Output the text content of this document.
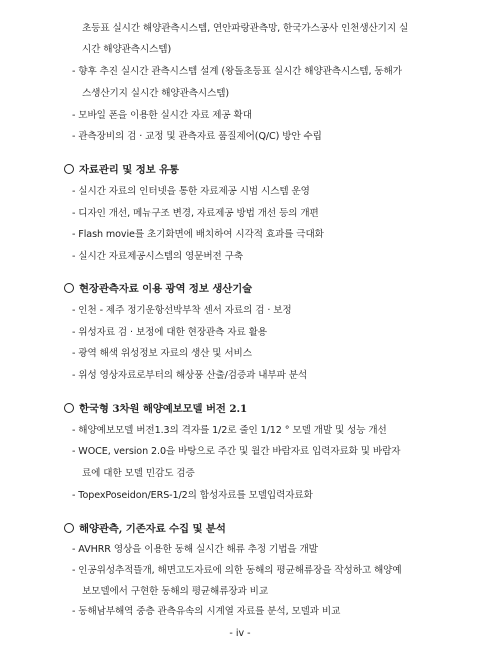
초등표 실시간 해양관측시스템, 연안파랑관측망, 한국가스공사 인천생산기지 실
시간 해양관측시스템)
- 향후 추진 실시간 관측시스템 설계 (왕돌초등표 실시간 해양관측시스템, 동해가
스생산기지 실시간 해양관측시스템)
- 모바일 폰을 이용한 실시간 자료 제공 확대
- 관측장비의 검 · 교정 및 관측자료 품질제어(Q/C) 방안 수립
자료관리 및 정보 유통
- 실시간 자료의 인터넷을 통한 자료제공 시범 시스템 운영
- 디자인 개선, 메뉴구조 변경, 자료제공 방법 개선 등의 개편
- Flash movie를 초기화면에 배치하여 시각적 효과를 극대화
- 실시간 자료제공시스템의 영문버전 구축
현장관측자료 이용 광역 정보 생산기술
- 인천 - 제주 정기운항선박부착 센서 자료의 검 · 보정
- 위성자료 검 · 보정에 대한 현장관측 자료 활용
- 광역 해색 위성정보 자료의 생산 및 서비스
- 위성 영상자료로부터의 해상풍 산출/검증과 내부파 분석
한국형 3차원 해양예보모델 버전 2.1
- 해양예보모델 버전1.3의 격자를 1/2로 줄인 1/12 ° 모델 개발 및 성능 개선
- WOCE, version 2.0을 바탕으로 주간 및 월간 바람자료 입력자료화 및 바람자
료에 대한 모델 민감도 검증
- TopexPoseidon/ERS-1/2의 합성자료를 모델입력자료화
해양관측, 기존자료 수집 및 분석
- AVHRR 영상을 이용한 동해 실시간 해류 추정 기법을 개발
- 인공위성추적뜰개, 해면고도자료에 의한 동해의 평균해류장을 작성하고 해양예
보모델에서 구현한 동해의 평균해류장과 비교
- 동해남부해역 중층 관측유속의 시계열 자료를 분석, 모델과 비교
- iv -
